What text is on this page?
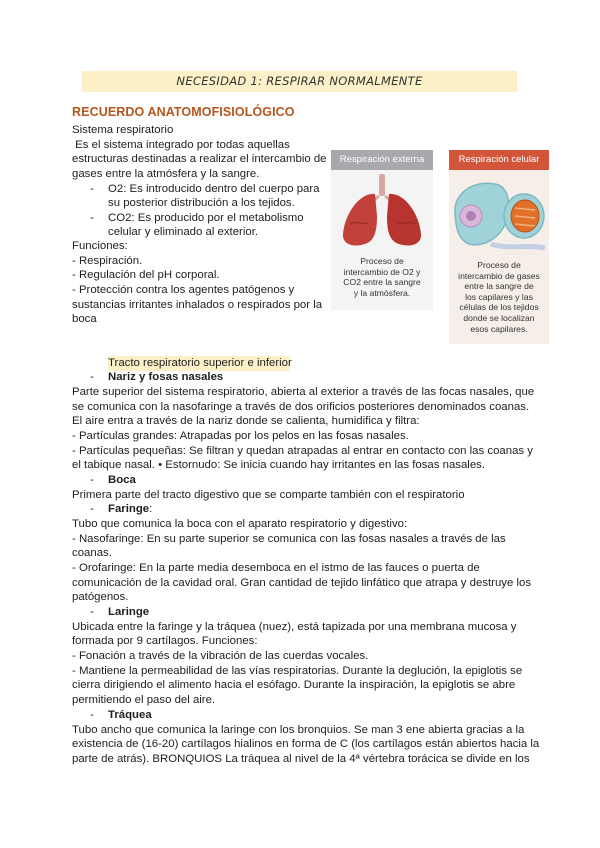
NECESIDAD 1: RESPIRAR NORMALMENTE
RECUERDO ANATOMOFISIOLÓGICO
Sistema respiratorio
Es el sistema integrado por todas aquellas
estructuras destinadas a realizar el intercambio de
gases entre la atmósfera y la sangre.
- O2: Es introducido dentro del cuerpo para
su posterior distribución a los tejidos.
- CO2: Es producido por el metabolismo
celular y eliminado al exterior.
Funciones:
- Respiración.
- Regulación del pH corporal.
- Protección contra los agentes patógenos y
sustancias irritantes inhalados o respirados por la
boca
Respiración externa	Respiración celular
Proceso de
intercambio de O2 y
CO2 entre la sangre
y la atmósfera.
Proceso de
intercambio de gases
entre la sangre de
los capilares y las
células de los tejidos
donde se localizan
esos capilares.
Tracto respiratorio superior e inferior
- Nariz y fosas nasales
Parte superior del sistema respiratorio, abierta al exterior a través de las focas nasales, que
se comunica con la nasofaringe a través de dos orificios posteriores denominados coanas.
El aire entra a través de la nariz donde se calienta, humidifica y filtra:
- Partículas grandes: Atrapadas por los pelos en las fosas nasales.
- Partículas pequeñas: Se filtran y quedan atrapadas al entrar en contacto con las coanas y
el tabique nasal. • Estornudo: Se inicia cuando hay irritantes en las fosas nasales.
- Boca
Primera parte del tracto digestivo que se comparte también con el respiratorio
- Faringe:
Tubo que comunica la boca con el aparato respiratorio y digestivo:
- Nasofaringe: En su parte superior se comunica con las fosas nasales a través de las
coanas.
- Orofaringe: En la parte media desemboca en el istmo de las fauces o puerta de
comunicación de la cavidad oral. Gran cantidad de tejido linfático que atrapa y destruye los
patógenos.
- Laringe
Ubicada entre la faringe y la tráquea (nuez), está tapizada por una membrana mucosa y
formada por 9 cartílagos. Funciones:
- Fonación a través de la vibración de las cuerdas vocales.
- Mantiene la permeabilidad de las vías respiratorias. Durante la deglución, la epiglotis se
cierra dirigiendo el alimento hacia el esófago. Durante la inspiración, la epiglotis se abre
permitiendo el paso del aire.
- Tráquea
Tubo ancho que comunica la laringe con los bronquios. Se man 3 ene abierta gracias a la
existencia de (16-20) cartílagos hialinos en forma de C (los cartílagos están abiertos hacia la
parte de atrás). BRONQUIOS La tráquea al nivel de la 4ª vértebra torácica se divide en los
